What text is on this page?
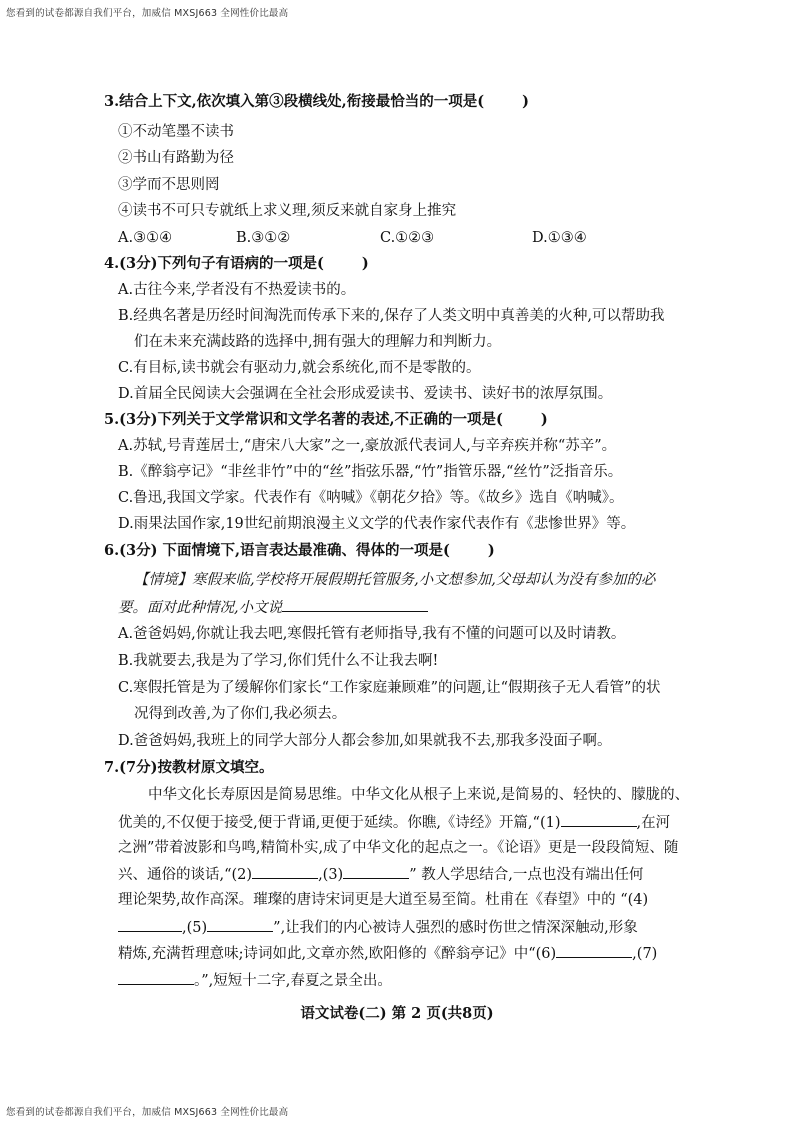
您看到的试卷都源自我们平台，加威信 MXSJ663 全网性价比最高
3.结合上下文,依次填入第③段横线处,衔接最恰当的一项是(	)
①不动笔墨不读书
②书山有路勤为径
③学而不思则罔
④读书不可只专就纸上求义理,须反来就自家身上推究
A.③①④	B.③①②	C.①②③	D.①③④
4.(3分)下列句子有语病的一项是(	)
A.古往今来,学者没有不热爱读书的。
B.经典名著是历经时间淘洗而传承下来的,保存了人类文明中真善美的火种,可以帮助我
们在未来充满歧路的选择中,拥有强大的理解力和判断力。
C.有目标,读书就会有驱动力,就会系统化,而不是零散的。
D.首届全民阅读大会强调在全社会形成爱读书、爱读书、读好书的浓厚氛围。
5.(3分)下列关于文学常识和文学名著的表述,不正确的一项是(	)
A.苏轼,号青莲居士,“唐宋八大家”之一,豪放派代表词人,与辛弃疾并称“苏辛”。
B.《醉翁亭记》“非丝非竹”中的“丝”指弦乐器,“竹”指管乐器,“丝竹”泛指音乐。
C.鲁迅,我国文学家。代表作有《呐喊》《朝花夕拾》等。《故乡》选自《呐喊》。
D.雨果法国作家,19世纪前期浪漫主义文学的代表作家代表作有《悲惨世界》等。
6.(3分) 下面情境下,语言表达最准确、得体的一项是(	)
【情境】寒假来临,学校将开展假期托管服务,小文想参加,父母却认为没有参加的必
要。面对此种情况,小文说
A.爸爸妈妈,你就让我去吧,寒假托管有老师指导,我有不懂的问题可以及时请教。
B.我就要去,我是为了学习,你们凭什么不让我去啊!
C.寒假托管是为了缓解你们家长“工作家庭兼顾难”的问题,让“假期孩子无人看管”的状
况得到改善,为了你们,我必须去。
D.爸爸妈妈,我班上的同学大部分人都会参加,如果就我不去,那我多没面子啊。
7.(7分)按教材原文填空。
中华文化长寿原因是简易思维。中华文化从根子上来说,是简易的、轻快的、朦胧的、
优美的,不仅便于接受,便于背诵,更便于延续。你瞧,《诗经》开篇,“(1)	,在河
之洲”带着波影和鸟鸣,精简朴实,成了中华文化的起点之一。《论语》更是一段段简短、随
兴、通俗的谈话,“(2)	,(3)	” 教人学思结合,一点也没有端出任何
理论架势,故作高深。璀璨的唐诗宋词更是大道至易至简。杜甫在《春望》中的 “(4)
,(5)	”,让我们的内心被诗人强烈的感时伤世之情深深触动,形象
精炼,充满哲理意味;诗词如此,文章亦然,欧阳修的《醉翁亭记》中“(6)	,(7)
。”,短短十二字,春夏之景全出。
语文试卷(二) 第 2 页(共8页)
您看到的试卷都源自我们平台，加威信 MXSJ663 全网性价比最高
